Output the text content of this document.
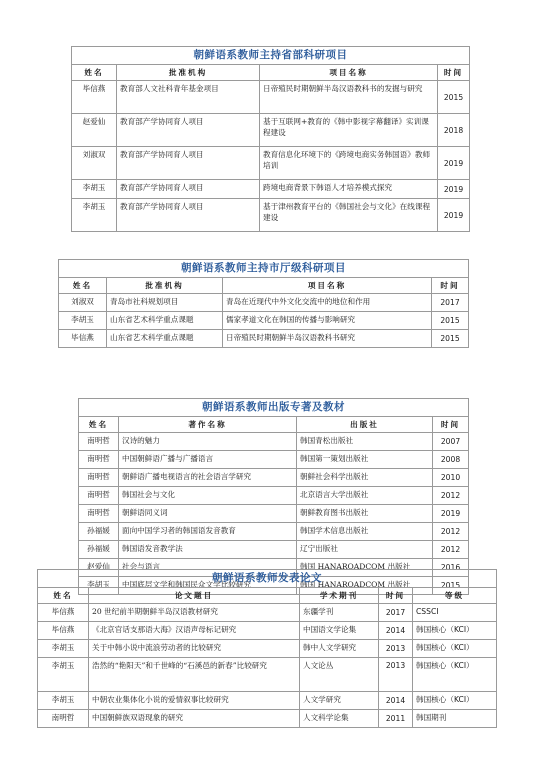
朝鲜语系教师主持省部科研项目			
姓名	批准机构	项目名称	时间
毕信燕	教育部人文社科青年基金项目	日帝殖民时期朝鲜半岛汉语教科书的发掘与研究	2015
赵爱仙	教育部产学协同育人项目	基于互联网+教育的《韩中影视字幕翻译》实训课程建设	2018
刘淑双	教育部产学协同育人项目	教育信息化环境下的《跨境电商实务韩国语》教师培训	2019
李胡玉	教育部产学协同育人项目	跨境电商背景下韩语人才培养模式探究	2019
李胡玉	教育部产学协同育人项目	基于津州教育平台的《韩国社会与文化》在线课程建设	2019
朝鲜语系教师主持市厅级科研项目			
姓名	批准机构	项目名称	时间
刘淑双	青岛市社科规划项目	青岛在近现代中外文化交流中的地位和作用	2017
李胡玉	山东省艺术科学重点课题	儒家孝道文化在韩国的传播与影响研究	2015
毕信燕	山东省艺术科学重点课题	日帝殖民时期朝鲜半岛汉语教科书研究	2015
朝鲜语系教师出版专著及教材			
姓名	著作名称	出版社	时间
南明哲	汉诗的魅力	韩国青松出版社	2007
南明哲	中国朝鲜语广播与广播语言	韩国第一策划出版社	2008
南明哲	朝鲜语广播电视语言的社会语言学研究	朝鲜社会科学出版社	2010
南明哲	韩国社会与文化	北京语言大学出版社	2012
南明哲	朝鲜语同义词	朝鲜教育图书出版社	2019
孙福媛	面向中国学习者的韩国语发音教育	韩国学术信息出版社	2012
孙福媛	韩国语发音教学法	辽宁出版社	2012
赵爱仙	社会与语言	韩国 HANAROADCOM 出版社	2016
李胡玉	中国底层文学和韩国民众文学比较研究	韩国 HANAROADCOM 出版社	2015
朝鲜语系教师发表论文				
姓名	论文题目	学术期刊	时间	等级
毕信燕	20 世纪前半期朝鲜半岛汉语教材研究	东疆学刊	2017	CSSCI
毕信燕	《北京官话支那语大海》汉语声母标记研究	中国语文学论集	2014	韩国核心（KCI）
李胡玉	关于中韩小说中流浪劳动者的比较研究	韩中人文学研究	2013	韩国核心（KCI）
李胡玉	浩然的“艳阳天”和千世峰的“石溪邑的新春”比较研究	人文论丛	2013	韩国核心（KCI）
李胡玉	中朝农业集体化小说的爱情叙事比较研究	人文学研究	2014	韩国核心（KCI）
南明哲	中国朝鲜族双语现象的研究	人文科学论集	2011	韩国期刊
